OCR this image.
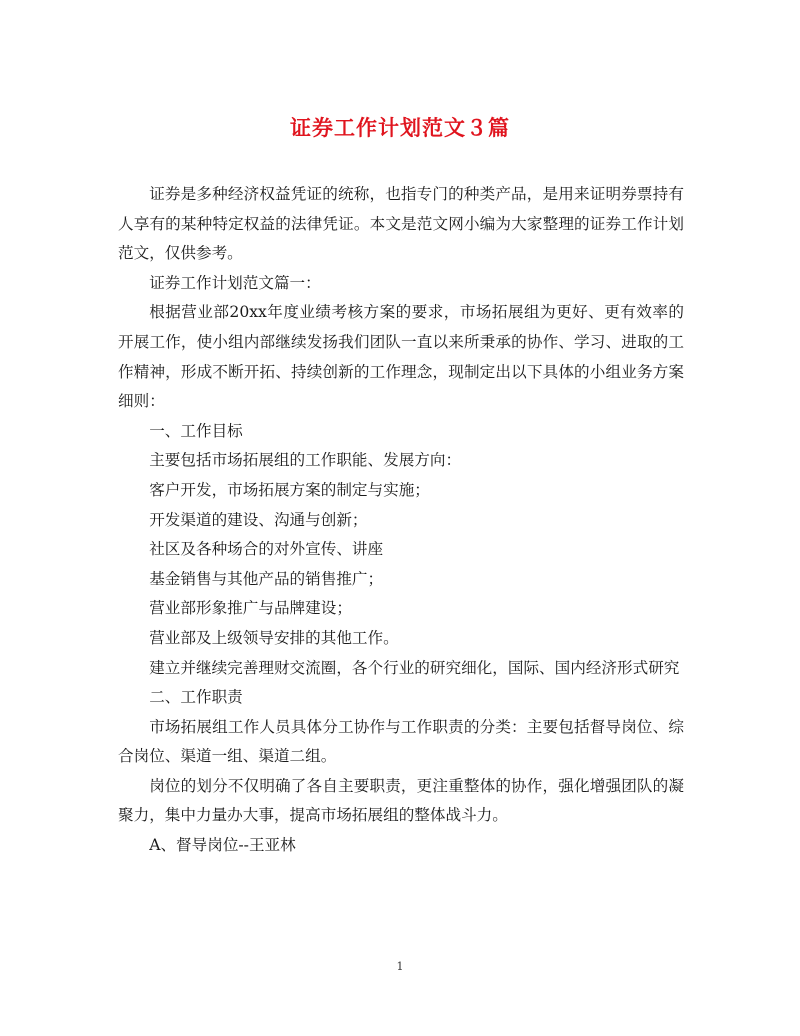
证券工作计划范文３篇

证券是多种经济权益凭证的统称，也指专门的种类产品，是用来证明券票持有人享有的某种特定权益的法律凭证。本文是范文网小编为大家整理的证券工作计划范文，仅供参考。

证券工作计划范文篇一：

根据营业部20xx年度业绩考核方案的要求，市场拓展组为更好、更有效率的开展工作，使小组内部继续发扬我们团队一直以来所秉承的协作、学习、进取的工作精神，形成不断开拓、持续创新的工作理念，现制定出以下具体的小组业务方案细则：

一、工作目标

主要包括市场拓展组的工作职能、发展方向：

客户开发，市场拓展方案的制定与实施；

开发渠道的建设、沟通与创新；

社区及各种场合的对外宣传、讲座

基金销售与其他产品的销售推广；

营业部形象推广与品牌建设；

营业部及上级领导安排的其他工作。

建立并继续完善理财交流圈，各个行业的研究细化，国际、国内经济形式研究

二、工作职责

市场拓展组工作人员具体分工协作与工作职责的分类：主要包括督导岗位、综合岗位、渠道一组、渠道二组。

岗位的划分不仅明确了各自主要职责，更注重整体的协作，强化增强团队的凝聚力，集中力量办大事，提高市场拓展组的整体战斗力。

A、督导岗位--王亚林

1
